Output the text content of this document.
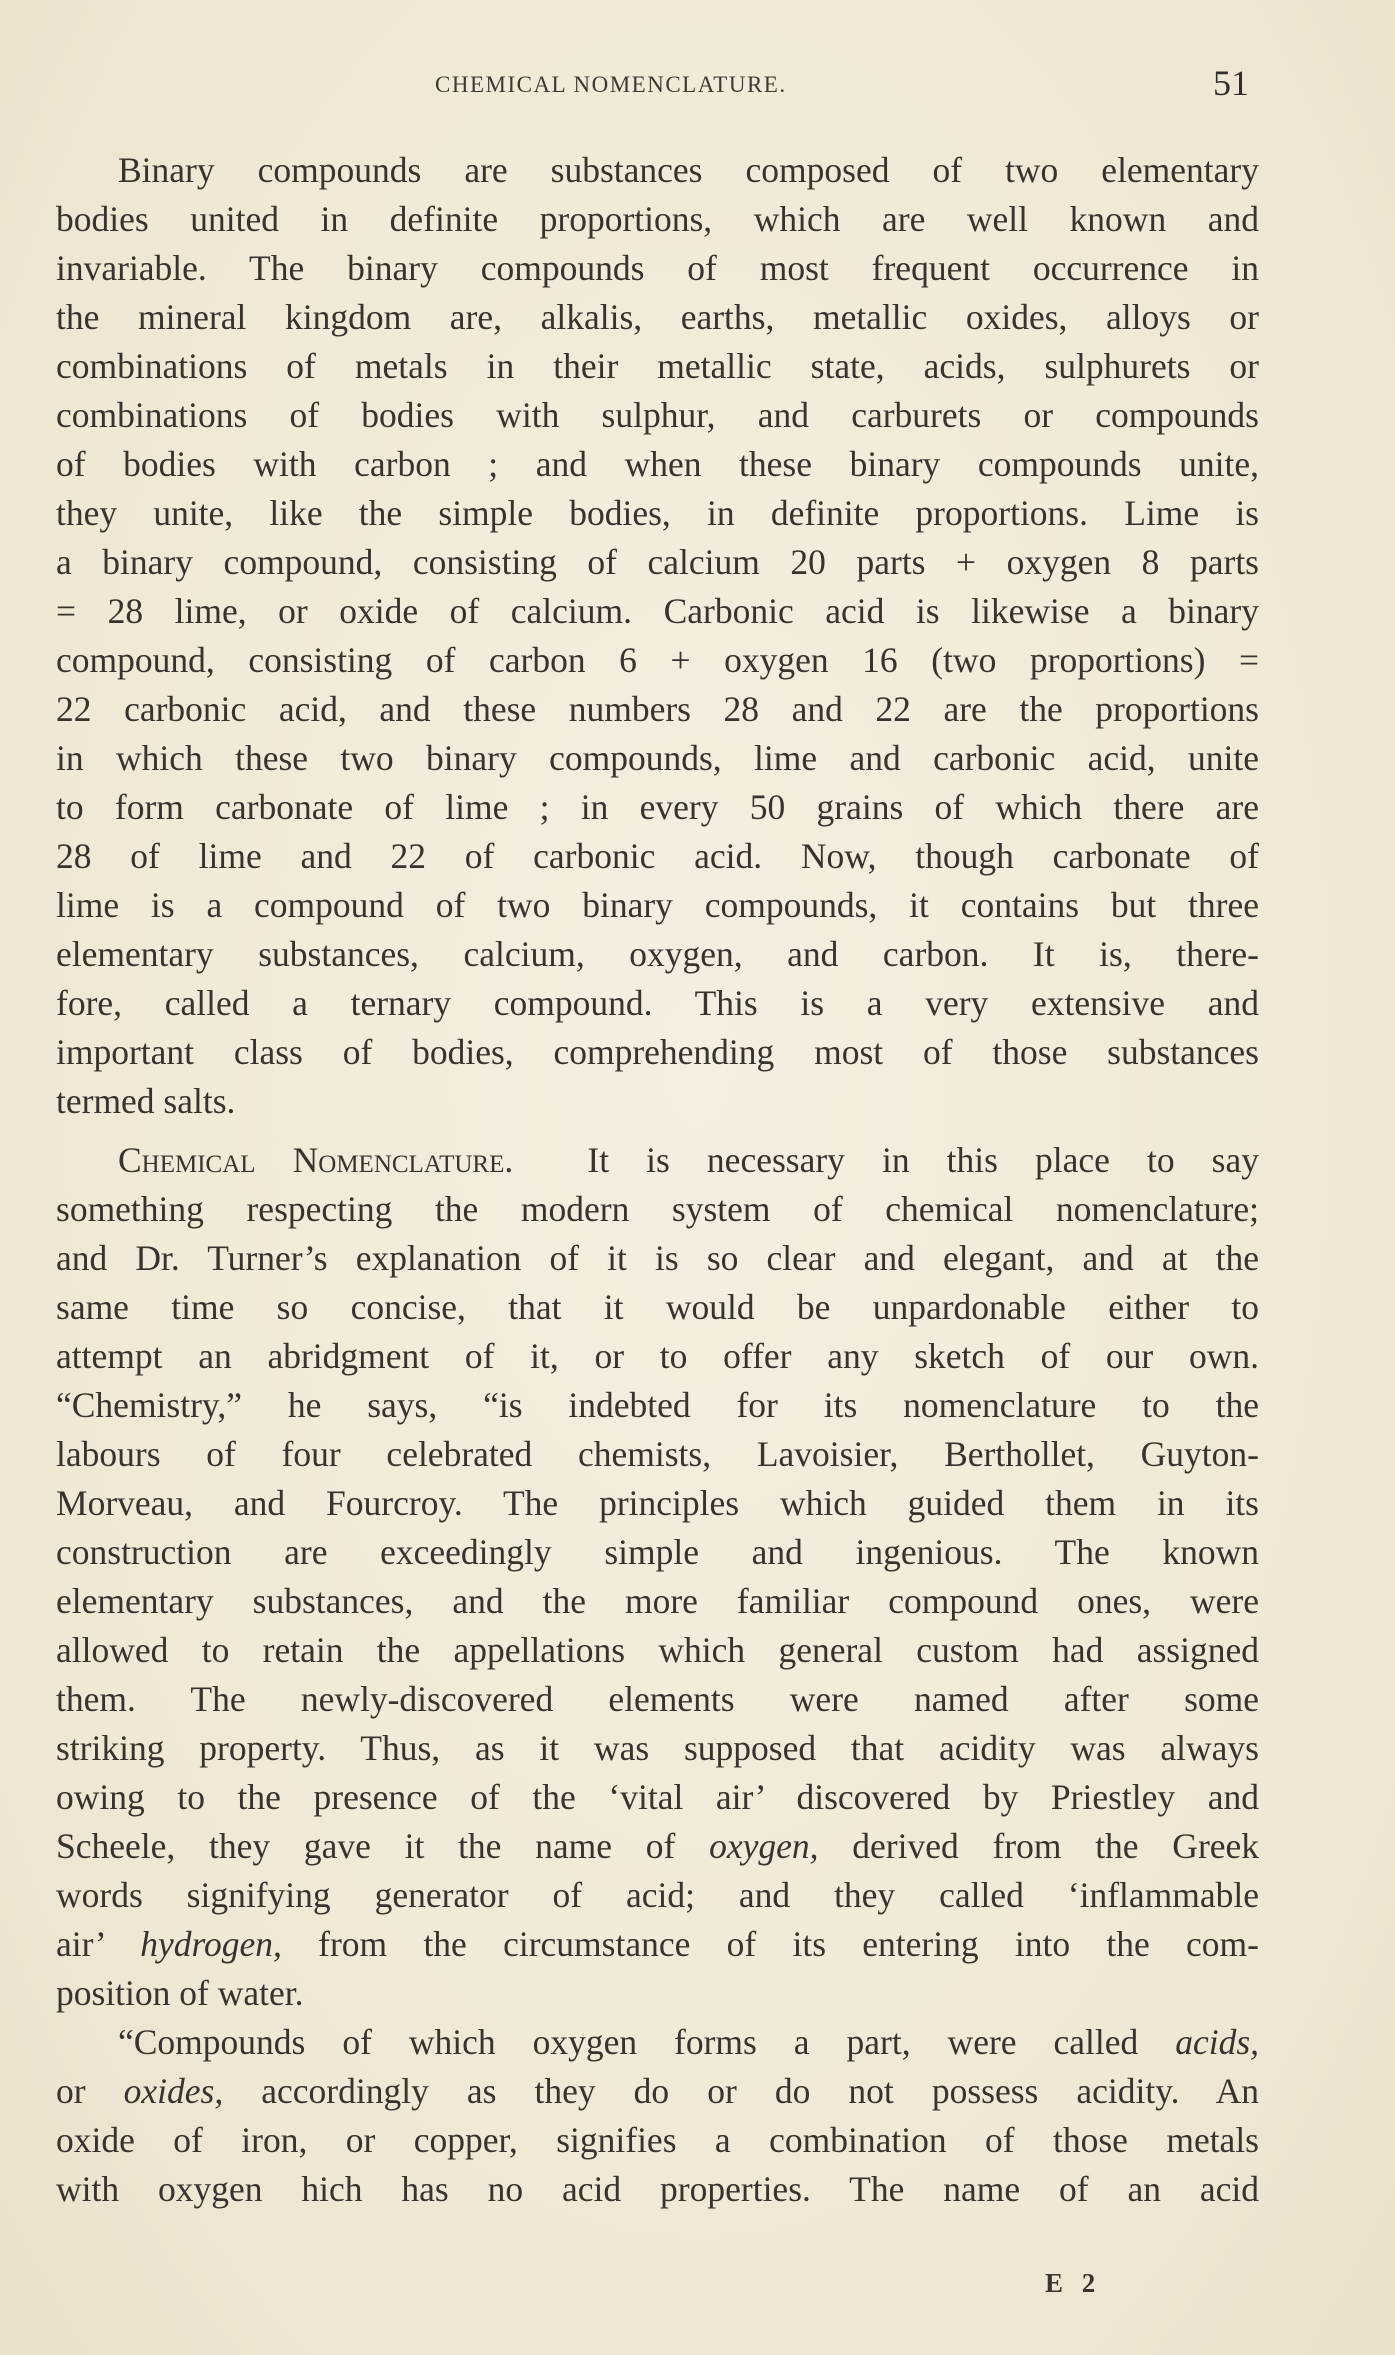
CHEMICAL NOMENCLATURE.	51
Binary compounds are substances composed of two elementary
bodies united in definite proportions, which are well known and
invariable. The binary compounds of most frequent occurrence in
the mineral kingdom are, alkalis, earths, metallic oxides, alloys or
combinations of metals in their metallic state, acids, sulphurets or
combinations of bodies with sulphur, and carburets or compounds
of bodies with carbon ; and when these binary compounds unite,
they unite, like the simple bodies, in definite proportions. Lime is
a binary compound, consisting of calcium 20 parts + oxygen 8 parts
= 28 lime, or oxide of calcium. Carbonic acid is likewise a binary
compound, consisting of carbon 6 + oxygen 16 (two proportions) =
22 carbonic acid, and these numbers 28 and 22 are the proportions
in which these two binary compounds, lime and carbonic acid, unite
to form carbonate of lime ; in every 50 grains of which there are
28 of lime and 22 of carbonic acid. Now, though carbonate of
lime is a compound of two binary compounds, it contains but three
elementary substances, calcium, oxygen, and carbon. It is, there-
fore, called a ternary compound. This is a very extensive and
important class of bodies, comprehending most of those substances
termed salts.
Chemical Nomenclature. It is necessary in this place to say
something respecting the modern system of chemical nomenclature;
and Dr. Turner’s explanation of it is so clear and elegant, and at the
same time so concise, that it would be unpardonable either to
attempt an abridgment of it, or to offer any sketch of our own.
“Chemistry,” he says, “is indebted for its nomenclature to the
labours of four celebrated chemists, Lavoisier, Berthollet, Guyton-
Morveau, and Fourcroy. The principles which guided them in its
construction are exceedingly simple and ingenious. The known
elementary substances, and the more familiar compound ones, were
allowed to retain the appellations which general custom had assigned
them. The newly-discovered elements were named after some
striking property. Thus, as it was supposed that acidity was always
owing to the presence of the ‘vital air’ discovered by Priestley and
Scheele, they gave it the name of oxygen, derived from the Greek
words signifying generator of acid; and they called ‘inflammable
air’ hydrogen, from the circumstance of its entering into the com-
position of water.
“Compounds of which oxygen forms a part, were called acids,
or oxides, accordingly as they do or do not possess acidity. An
oxide of iron, or copper, signifies a combination of those metals
with oxygen hich has no acid properties. The name of an acid
E 2
